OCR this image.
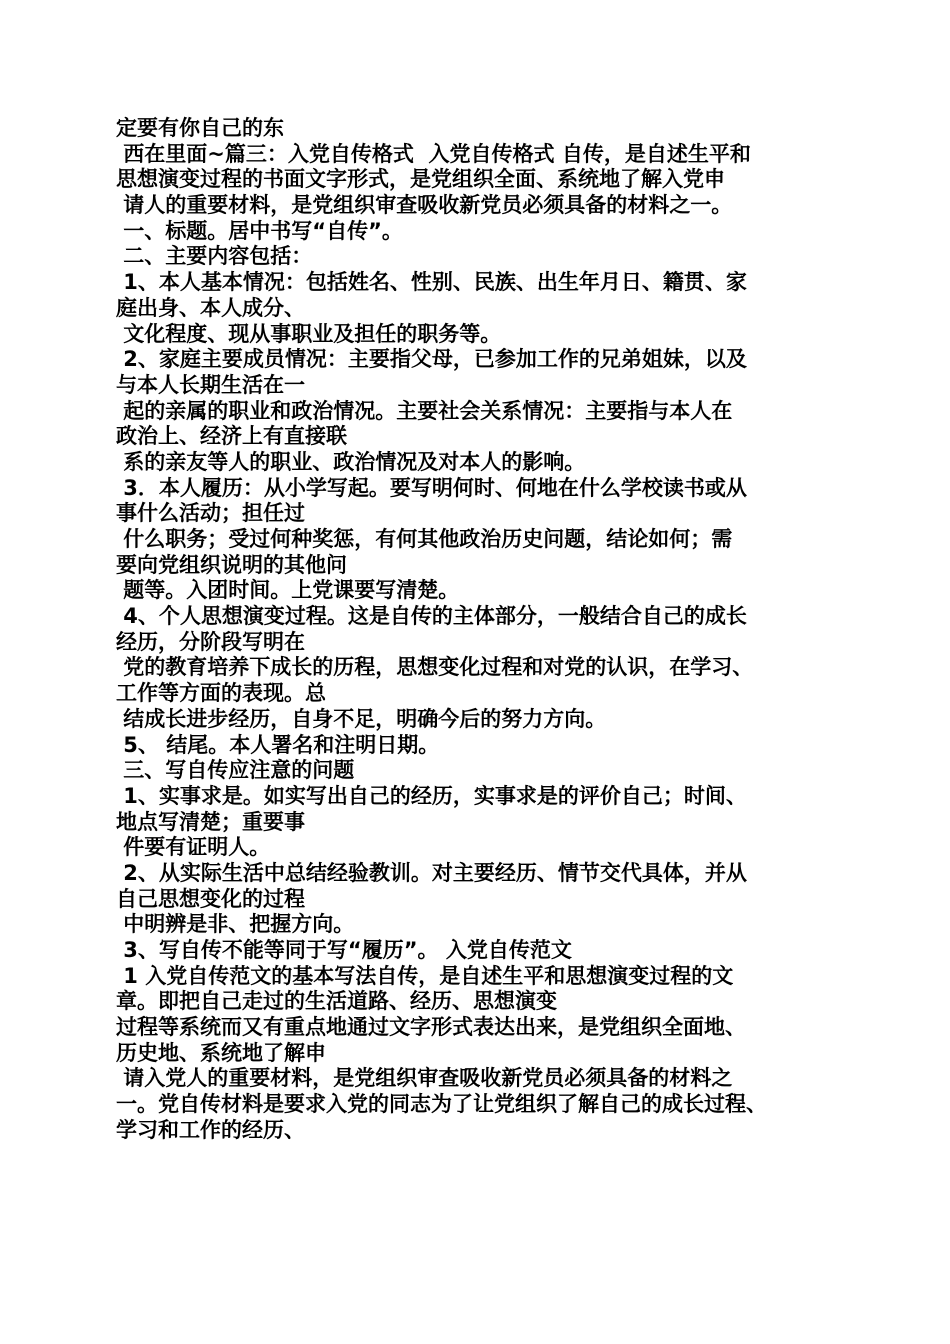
定要有你自己的东
西在里面~篇三：入党自传格式  入党自传格式 自传，是自述生平和
思想演变过程的书面文字形式，是党组织全面、系统地了解入党申
请人的重要材料，是党组织审查吸收新党员必须具备的材料之一。
一、标题。居中书写“自传”。
二、主要内容包括：
1、本人基本情况：包括姓名、性别、民族、出生年月日、籍贯、家
庭出身、本人成分、
文化程度、现从事职业及担任的职务等。
2、家庭主要成员情况：主要指父母，已参加工作的兄弟姐妹，以及
与本人长期生活在一
起的亲属的职业和政治情况。主要社会关系情况：主要指与本人在
政治上、经济上有直接联
系的亲友等人的职业、政治情况及对本人的影响。
3．本人履历：从小学写起。要写明何时、何地在什么学校读书或从
事什么活动；担任过
什么职务；受过何种奖惩，有何其他政治历史问题，结论如何；需
要向党组织说明的其他问
题等。入团时间。上党课要写清楚。
4、个人思想演变过程。这是自传的主体部分，一般结合自己的成长
经历，分阶段写明在
党的教育培养下成长的历程，思想变化过程和对党的认识，在学习、
工作等方面的表现。总
结成长进步经历，自身不足，明确今后的努力方向。
5、 结尾。本人署名和注明日期。
三、写自传应注意的问题
1、实事求是。如实写出自己的经历，实事求是的评价自己；时间、
地点写清楚；重要事
件要有证明人。
2、从实际生活中总结经验教训。对主要经历、情节交代具体，并从
自己思想变化的过程
中明辨是非、把握方向。
3、写自传不能等同于写“履历”。 入党自传范文
1 入党自传范文的基本写法自传，是自述生平和思想演变过程的文
章。即把自己走过的生活道路、经历、思想演变
过程等系统而又有重点地通过文字形式表达出来，是党组织全面地、
历史地、系统地了解申
请入党人的重要材料，是党组织审查吸收新党员必须具备的材料之
一。党自传材料是要求入党的同志为了让党组织了解自己的成长过程、
学习和工作的经历、
